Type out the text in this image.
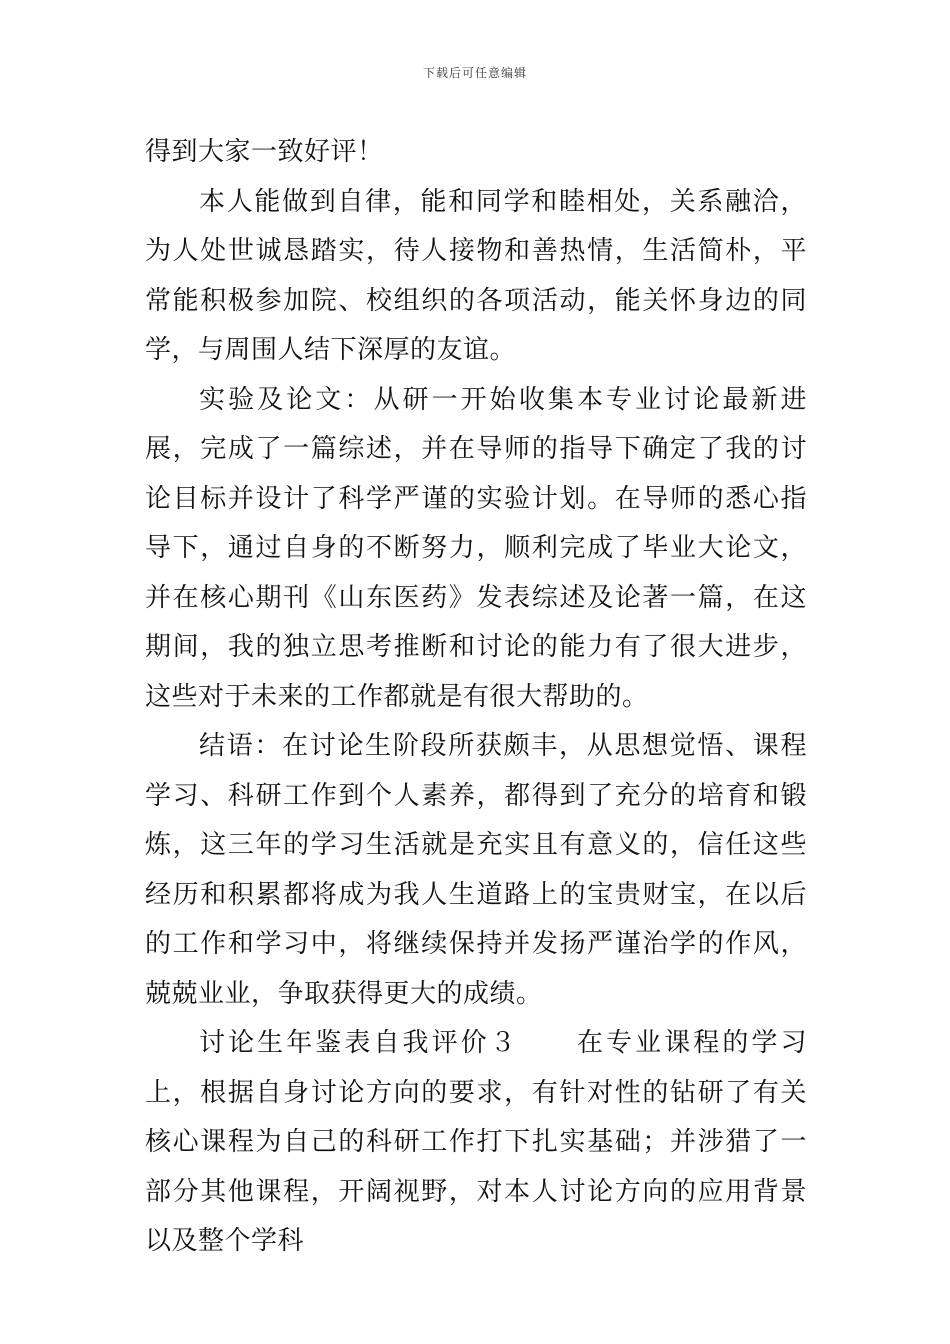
下载后可任意编辑

得到大家一致好评！

本人能做到自律，能和同学和睦相处，关系融洽，为人处世诚恳踏实，待人接物和善热情，生活简朴，平常能积极参加院、校组织的各项活动，能关怀身边的同学，与周围人结下深厚的友谊。

实验及论文：从研一开始收集本专业讨论最新进展，完成了一篇综述，并在导师的指导下确定了我的讨论目标并设计了科学严谨的实验计划。在导师的悉心指导下，通过自身的不断努力，顺利完成了毕业大论文，并在核心期刊《山东医药》发表综述及论著一篇，在这期间，我的独立思考推断和讨论的能力有了很大进步，这些对于未来的工作都就是有很大帮助的。

结语：在讨论生阶段所获颇丰，从思想觉悟、课程学习、科研工作到个人素养，都得到了充分的培育和锻炼，这三年的学习生活就是充实且有意义的，信任这些经历和积累都将成为我人生道路上的宝贵财宝，在以后的工作和学习中，将继续保持并发扬严谨治学的作风，兢兢业业，争取获得更大的成绩。

讨论生年鉴表自我评价３　　在专业课程的学习上，根据自身讨论方向的要求，有针对性的钻研了有关核心课程为自己的科研工作打下扎实基础；并涉猎了一部分其他课程，开阔视野，对本人讨论方向的应用背景以及整个学科
